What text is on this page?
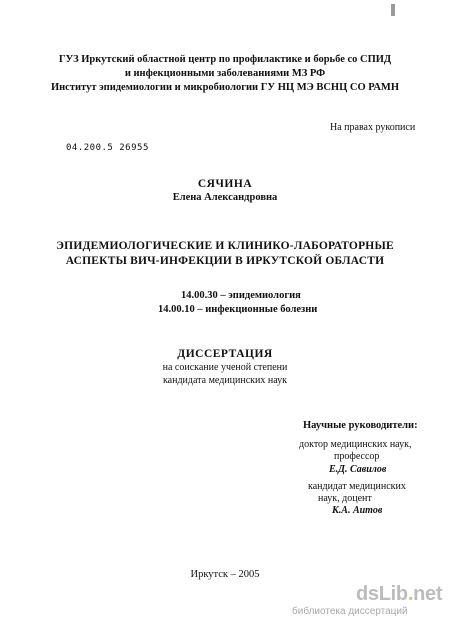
ГУЗ Иркутский областной центр по профилактике и борьбе со СПИД
и инфекционными заболеваниями МЗ РФ
Институт эпидемиологии и микробиологии ГУ НЦ МЭ ВСНЦ СО РАМН
На правах рукописи
04.200.5 26955
СЯЧИНА
Елена Александровна
ЭПИДЕМИОЛОГИЧЕСКИЕ И КЛИНИКО-ЛАБОРАТОРНЫЕ
АСПЕКТЫ ВИЧ-ИНФЕКЦИИ В ИРКУТСКОЙ ОБЛАСТИ
14.00.30 – эпидемиология
14.00.10 – инфекционные болезни
ДИССЕРТАЦИЯ
на соискание ученой степени
кандидата медицинских наук
Научные руководители:
доктор медицинских наук,
профессор
Е.Д. Савилов
кандидат медицинских
наук, доцент
К.А. Аитов
Иркутск – 2005
dsLib.net
библиотека диссертаций
